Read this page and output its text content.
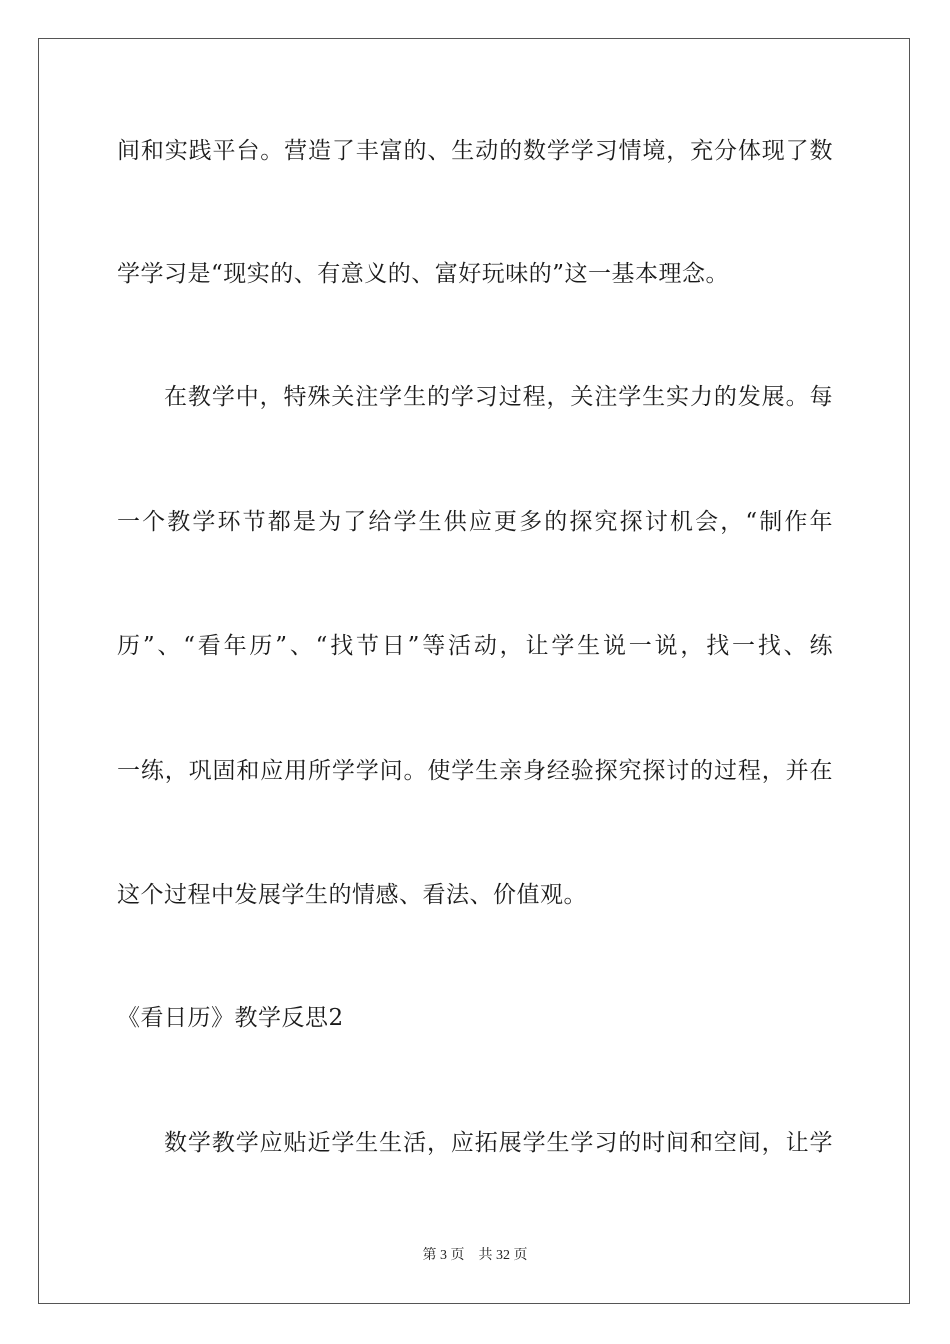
间和实践平台。营造了丰富的、生动的数学学习情境，充分体现了数
学学习是“现实的、有意义的、富好玩味的”这一基本理念。
在教学中，特殊关注学生的学习过程，关注学生实力的发展。每
一个教学环节都是为了给学生供应更多的探究探讨机会，“制作年
历”、“看年历”、“找节日”等活动，让学生说一说，找一找、练
一练，巩固和应用所学学问。使学生亲身经验探究探讨的过程，并在
这个过程中发展学生的情感、看法、价值观。
《看日历》教学反思2
数学教学应贴近学生生活，应拓展学生学习的时间和空间，让学
第 3 页　共 32 页
